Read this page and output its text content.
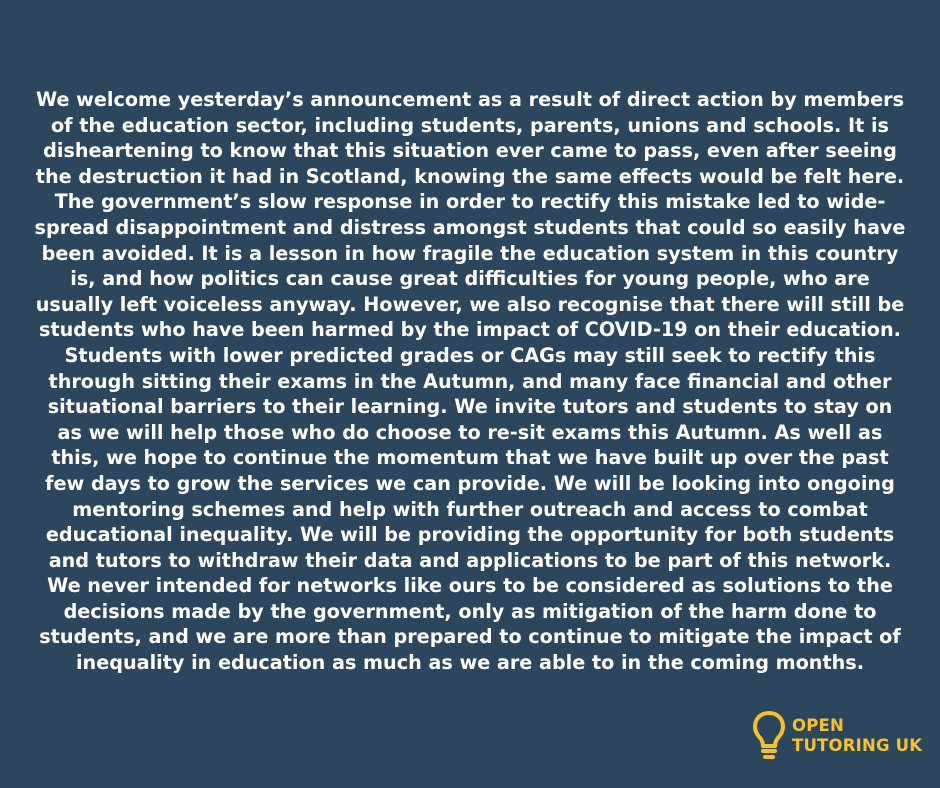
We welcome yesterday’s announcement as a result of direct action by members of the education sector, including students, parents, unions and schools. It is disheartening to know that this situation ever came to pass, even after seeing the destruction it had in Scotland, knowing the same effects would be felt here. The government’s slow response in order to rectify this mistake led to wide-spread disappointment and distress amongst students that could so easily have been avoided. It is a lesson in how fragile the education system in this country is, and how politics can cause great difficulties for young people, who are usually left voiceless anyway. However, we also recognise that there will still be students who have been harmed by the impact of COVID-19 on their education. Students with lower predicted grades or CAGs may still seek to rectify this through sitting their exams in the Autumn, and many face financial and other situational barriers to their learning. We invite tutors and students to stay on as we will help those who do choose to re-sit exams this Autumn. As well as this, we hope to continue the momentum that we have built up over the past few days to grow the services we can provide. We will be looking into ongoing mentoring schemes and help with further outreach and access to combat educational inequality. We will be providing the opportunity for both students and tutors to withdraw their data and applications to be part of this network. We never intended for networks like ours to be considered as solutions to the decisions made by the government, only as mitigation of the harm done to students, and we are more than prepared to continue to mitigate the impact of inequality in education as much as we are able to in the coming months.

OPEN
TUTORING UK
